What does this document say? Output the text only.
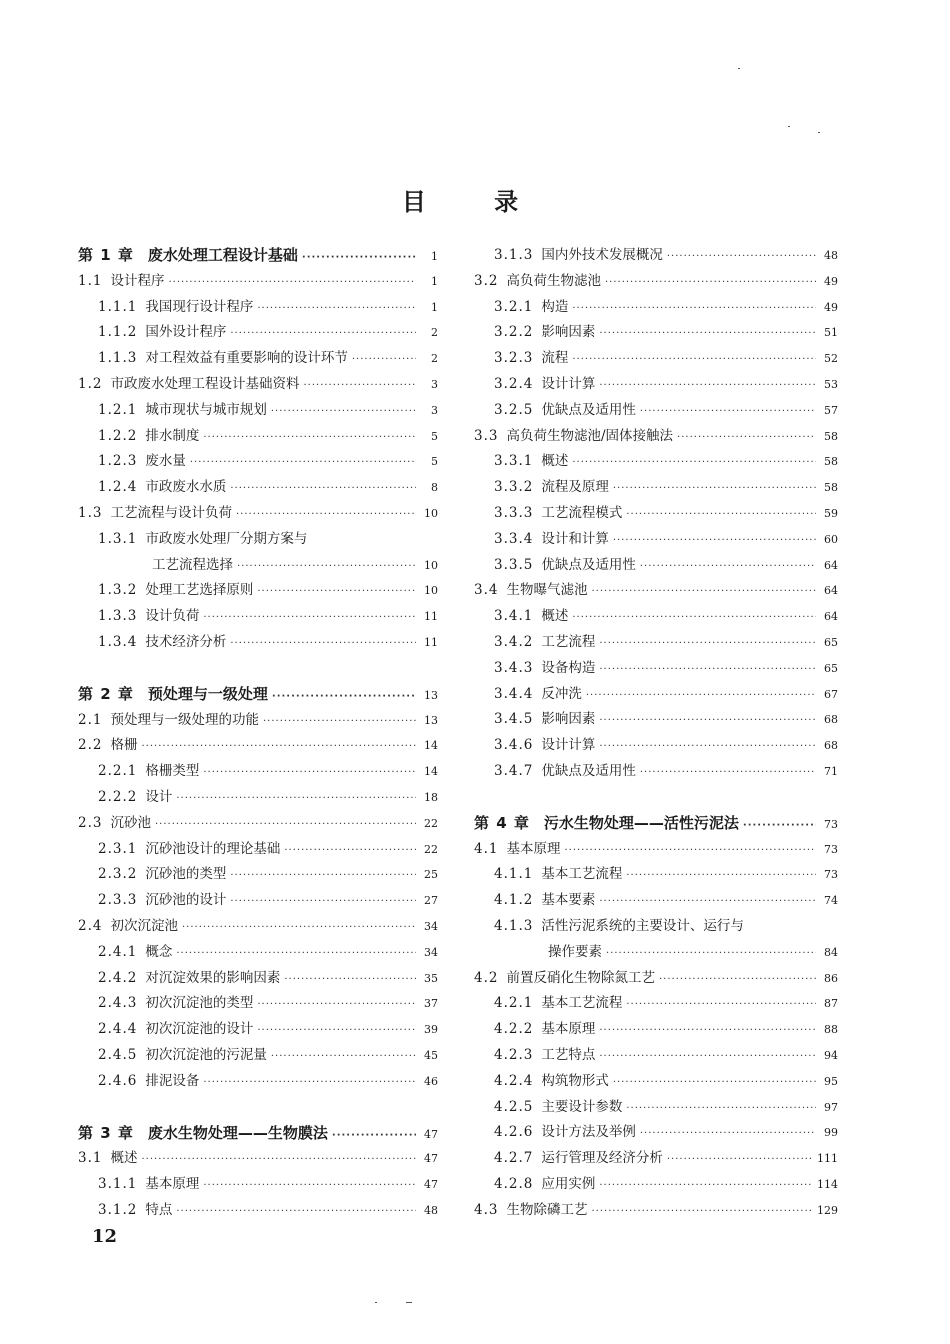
目 录
第 1 章 废水处理工程设计基础 ·····	1
1.1 设计程序 ·····	1
1.1.1 我国现行设计程序 ·····	1
1.1.2 国外设计程序 ·····	2
1.1.3 对工程效益有重要影响的设计环节 ·····	2
1.2 市政废水处理工程设计基础资料 ·····	3
1.2.1 城市现状与城市规划 ·····	3
1.2.2 排水制度 ·····	5
1.2.3 废水量 ·····	5
1.2.4 市政废水水质 ·····	8
1.3 工艺流程与设计负荷 ·····	10
1.3.1 市政废水处理厂分期方案与
工艺流程选择 ·····	10
1.3.2 处理工艺选择原则 ·····	10
1.3.3 设计负荷 ·····	11
1.3.4 技术经济分析 ·····	11
第 2 章 预处理与一级处理 ·····	13
2.1 预处理与一级处理的功能 ·····	13
2.2 格栅 ·····	14
2.2.1 格栅类型 ·····	14
2.2.2 设计 ·····	18
2.3 沉砂池 ·····	22
2.3.1 沉砂池设计的理论基础 ·····	22
2.3.2 沉砂池的类型 ·····	25
2.3.3 沉砂池的设计 ·····	27
2.4 初次沉淀池 ·····	34
2.4.1 概念 ·····	34
2.4.2 对沉淀效果的影响因素 ·····	35
2.4.3 初次沉淀池的类型 ·····	37
2.4.4 初次沉淀池的设计 ·····	39
2.4.5 初次沉淀池的污泥量 ·····	45
2.4.6 排泥设备 ·····	46
第 3 章 废水生物处理——生物膜法 ·····	47
3.1 概述 ·····	47
3.1.1 基本原理 ·····	47
3.1.2 特点 ·····	48
3.1.3 国内外技术发展概况 ·····	48
3.2 高负荷生物滤池 ·····	49
3.2.1 构造 ·····	49
3.2.2 影响因素 ·····	51
3.2.3 流程 ·····	52
3.2.4 设计计算 ·····	53
3.2.5 优缺点及适用性 ·····	57
3.3 高负荷生物滤池/固体接触法 ·····	58
3.3.1 概述 ·····	58
3.3.2 流程及原理 ·····	58
3.3.3 工艺流程模式 ·····	59
3.3.4 设计和计算 ·····	60
3.3.5 优缺点及适用性 ·····	64
3.4 生物曝气滤池 ·····	64
3.4.1 概述 ·····	64
3.4.2 工艺流程 ·····	65
3.4.3 设备构造 ·····	65
3.4.4 反冲洗 ·····	67
3.4.5 影响因素 ·····	68
3.4.6 设计计算 ·····	68
3.4.7 优缺点及适用性 ·····	71
第 4 章 污水生物处理——活性污泥法 ·····	73
4.1 基本原理 ·····	73
4.1.1 基本工艺流程 ·····	73
4.1.2 基本要素 ·····	74
4.1.3 活性污泥系统的主要设计、运行与
操作要素 ·····	84
4.2 前置反硝化生物除氮工艺 ·····	86
4.2.1 基本工艺流程 ·····	87
4.2.2 基本原理 ·····	88
4.2.3 工艺特点 ·····	94
4.2.4 构筑物形式 ·····	95
4.2.5 主要设计参数 ·····	97
4.2.6 设计方法及举例 ·····	99
4.2.7 运行管理及经济分析 ·····	111
4.2.8 应用实例 ·····	114
4.3 生物除磷工艺 ·····	129
12
